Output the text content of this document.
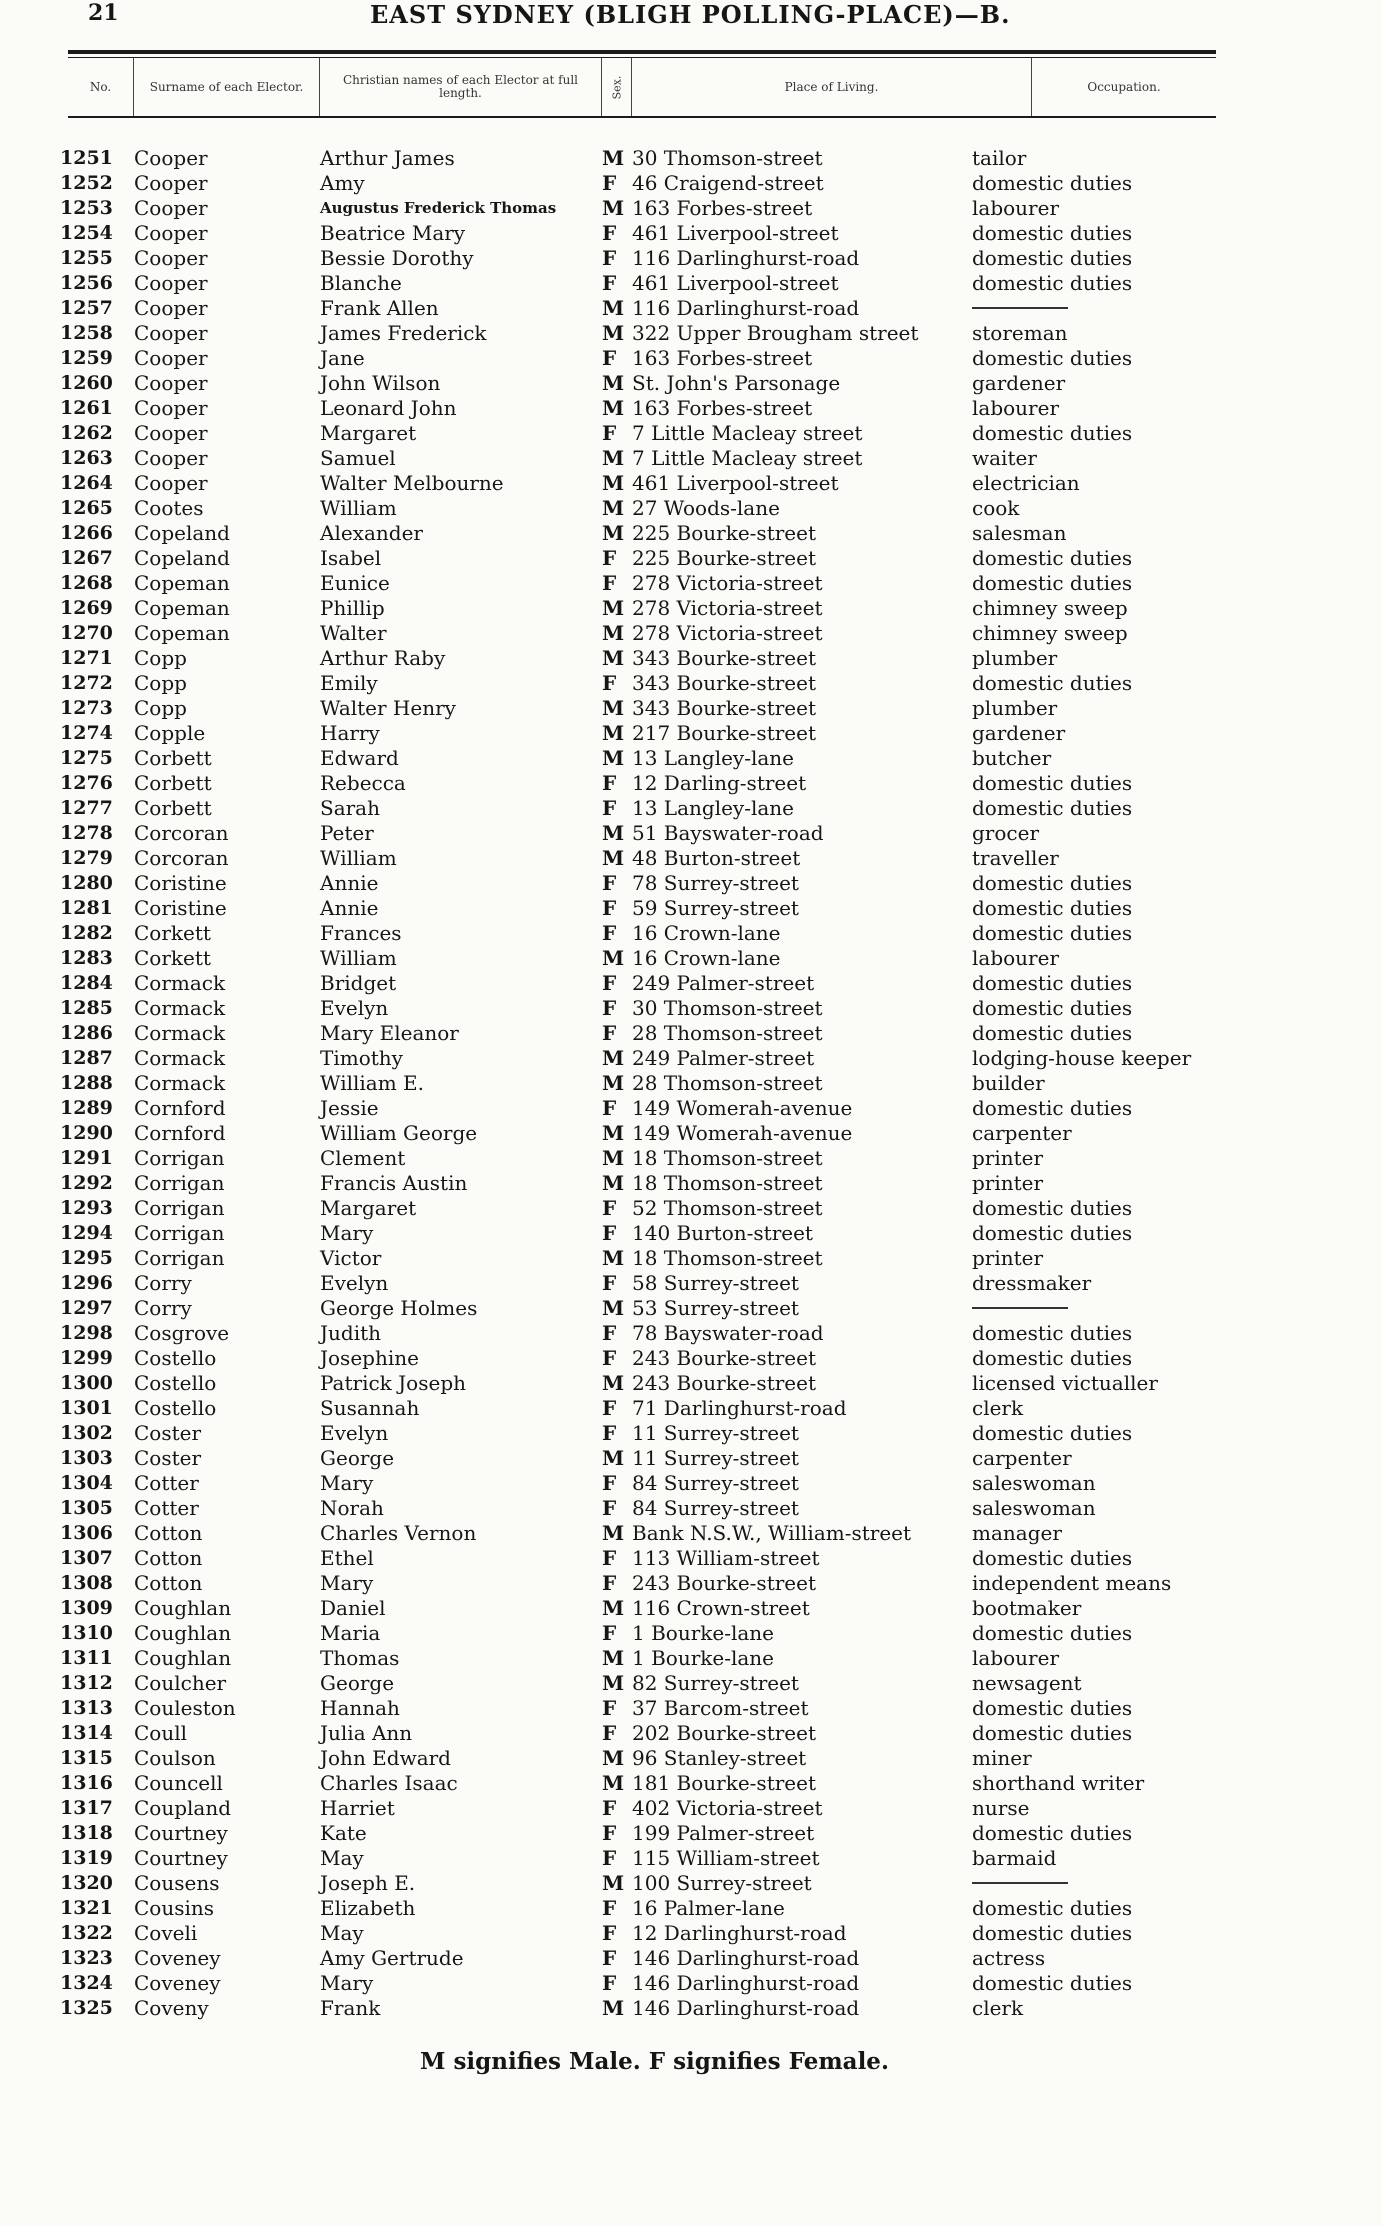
21	EAST SYDNEY (BLIGH POLLING-PLACE)—B.
No.	Surname of each Elector.	Christian names of each Elector at full length.	Sex.	Place of Living.	Occupation.
1251	Cooper	Arthur James	M 30 Thomson-street	tailor
1252	Cooper	Amy	F 46 Craigend-street	domestic duties
1253	Cooper	Augustus Frederick Thomas	M 163 Forbes-street	labourer
1254	Cooper	Beatrice Mary	F 461 Liverpool-street	domestic duties
1255	Cooper	Bessie Dorothy	F 116 Darlinghurst-road	domestic duties
1256	Cooper	Blanche	F 461 Liverpool-street	domestic duties
1257	Cooper	Frank Allen	M 116 Darlinghurst-road
1258	Cooper	James Frederick	M 322 Upper Brougham street	storeman
1259	Cooper	Jane	F 163 Forbes-street	domestic duties
1260	Cooper	John Wilson	M St. John's Parsonage	gardener
1261	Cooper	Leonard John	M 163 Forbes-street	labourer
1262	Cooper	Margaret	F 7 Little Macleay street	domestic duties
1263	Cooper	Samuel	M 7 Little Macleay street	waiter
1264	Cooper	Walter Melbourne	M 461 Liverpool-street	electrician
1265	Cootes	William	M 27 Woods-lane	cook
1266	Copeland	Alexander	M 225 Bourke-street	salesman
1267	Copeland	Isabel	F 225 Bourke-street	domestic duties
1268	Copeman	Eunice	F 278 Victoria-street	domestic duties
1269	Copeman	Phillip	M 278 Victoria-street	chimney sweep
1270	Copeman	Walter	M 278 Victoria-street	chimney sweep
1271	Copp	Arthur Raby	M 343 Bourke-street	plumber
1272	Copp	Emily	F 343 Bourke-street	domestic duties
1273	Copp	Walter Henry	M 343 Bourke-street	plumber
1274	Copple	Harry	M 217 Bourke-street	gardener
1275	Corbett	Edward	M 13 Langley-lane	butcher
1276	Corbett	Rebecca	F 12 Darling-street	domestic duties
1277	Corbett	Sarah	F 13 Langley-lane	domestic duties
1278	Corcoran	Peter	M 51 Bayswater-road	grocer
1279	Corcoran	William	M 48 Burton-street	traveller
1280	Coristine	Annie	F 78 Surrey-street	domestic duties
1281	Coristine	Annie	F 59 Surrey-street	domestic duties
1282	Corkett	Frances	F 16 Crown-lane	domestic duties
1283	Corkett	William	M 16 Crown-lane	labourer
1284	Cormack	Bridget	F 249 Palmer-street	domestic duties
1285	Cormack	Evelyn	F 30 Thomson-street	domestic duties
1286	Cormack	Mary Eleanor	F 28 Thomson-street	domestic duties
1287	Cormack	Timothy	M 249 Palmer-street	lodging-house keeper
1288	Cormack	William E.	M 28 Thomson-street	builder
1289	Cornford	Jessie	F 149 Womerah-avenue	domestic duties
1290	Cornford	William George	M 149 Womerah-avenue	carpenter
1291	Corrigan	Clement	M 18 Thomson-street	printer
1292	Corrigan	Francis Austin	M 18 Thomson-street	printer
1293	Corrigan	Margaret	F 52 Thomson-street	domestic duties
1294	Corrigan	Mary	F 140 Burton-street	domestic duties
1295	Corrigan	Victor	M 18 Thomson-street	printer
1296	Corry	Evelyn	F 58 Surrey-street	dressmaker
1297	Corry	George Holmes	M 53 Surrey-street
1298	Cosgrove	Judith	F 78 Bayswater-road	domestic duties
1299	Costello	Josephine	F 243 Bourke-street	domestic duties
1300	Costello	Patrick Joseph	M 243 Bourke-street	licensed victualler
1301	Costello	Susannah	F 71 Darlinghurst-road	clerk
1302	Coster	Evelyn	F 11 Surrey-street	domestic duties
1303	Coster	George	M 11 Surrey-street	carpenter
1304	Cotter	Mary	F 84 Surrey-street	saleswoman
1305	Cotter	Norah	F 84 Surrey-street	saleswoman
1306	Cotton	Charles Vernon	M Bank N.S.W., William-street	manager
1307	Cotton	Ethel	F 113 William-street	domestic duties
1308	Cotton	Mary	F 243 Bourke-street	independent means
1309	Coughlan	Daniel	M 116 Crown-street	bootmaker
1310	Coughlan	Maria	F 1 Bourke-lane	domestic duties
1311	Coughlan	Thomas	M 1 Bourke-lane	labourer
1312	Coulcher	George	M 82 Surrey-street	newsagent
1313	Couleston	Hannah	F 37 Barcom-street	domestic duties
1314	Coull	Julia Ann	F 202 Bourke-street	domestic duties
1315	Coulson	John Edward	M 96 Stanley-street	miner
1316	Councell	Charles Isaac	M 181 Bourke-street	shorthand writer
1317	Coupland	Harriet	F 402 Victoria-street	nurse
1318	Courtney	Kate	F 199 Palmer-street	domestic duties
1319	Courtney	May	F 115 William-street	barmaid
1320	Cousens	Joseph E.	M 100 Surrey-street
1321	Cousins	Elizabeth	F 16 Palmer-lane	domestic duties
1322	Coveli	May	F 12 Darlinghurst-road	domestic duties
1323	Coveney	Amy Gertrude	F 146 Darlinghurst-road	actress
1324	Coveney	Mary	F 146 Darlinghurst-road	domestic duties
1325	Coveny	Frank	M 146 Darlinghurst-road	clerk
M signifies Male. F signifies Female.
